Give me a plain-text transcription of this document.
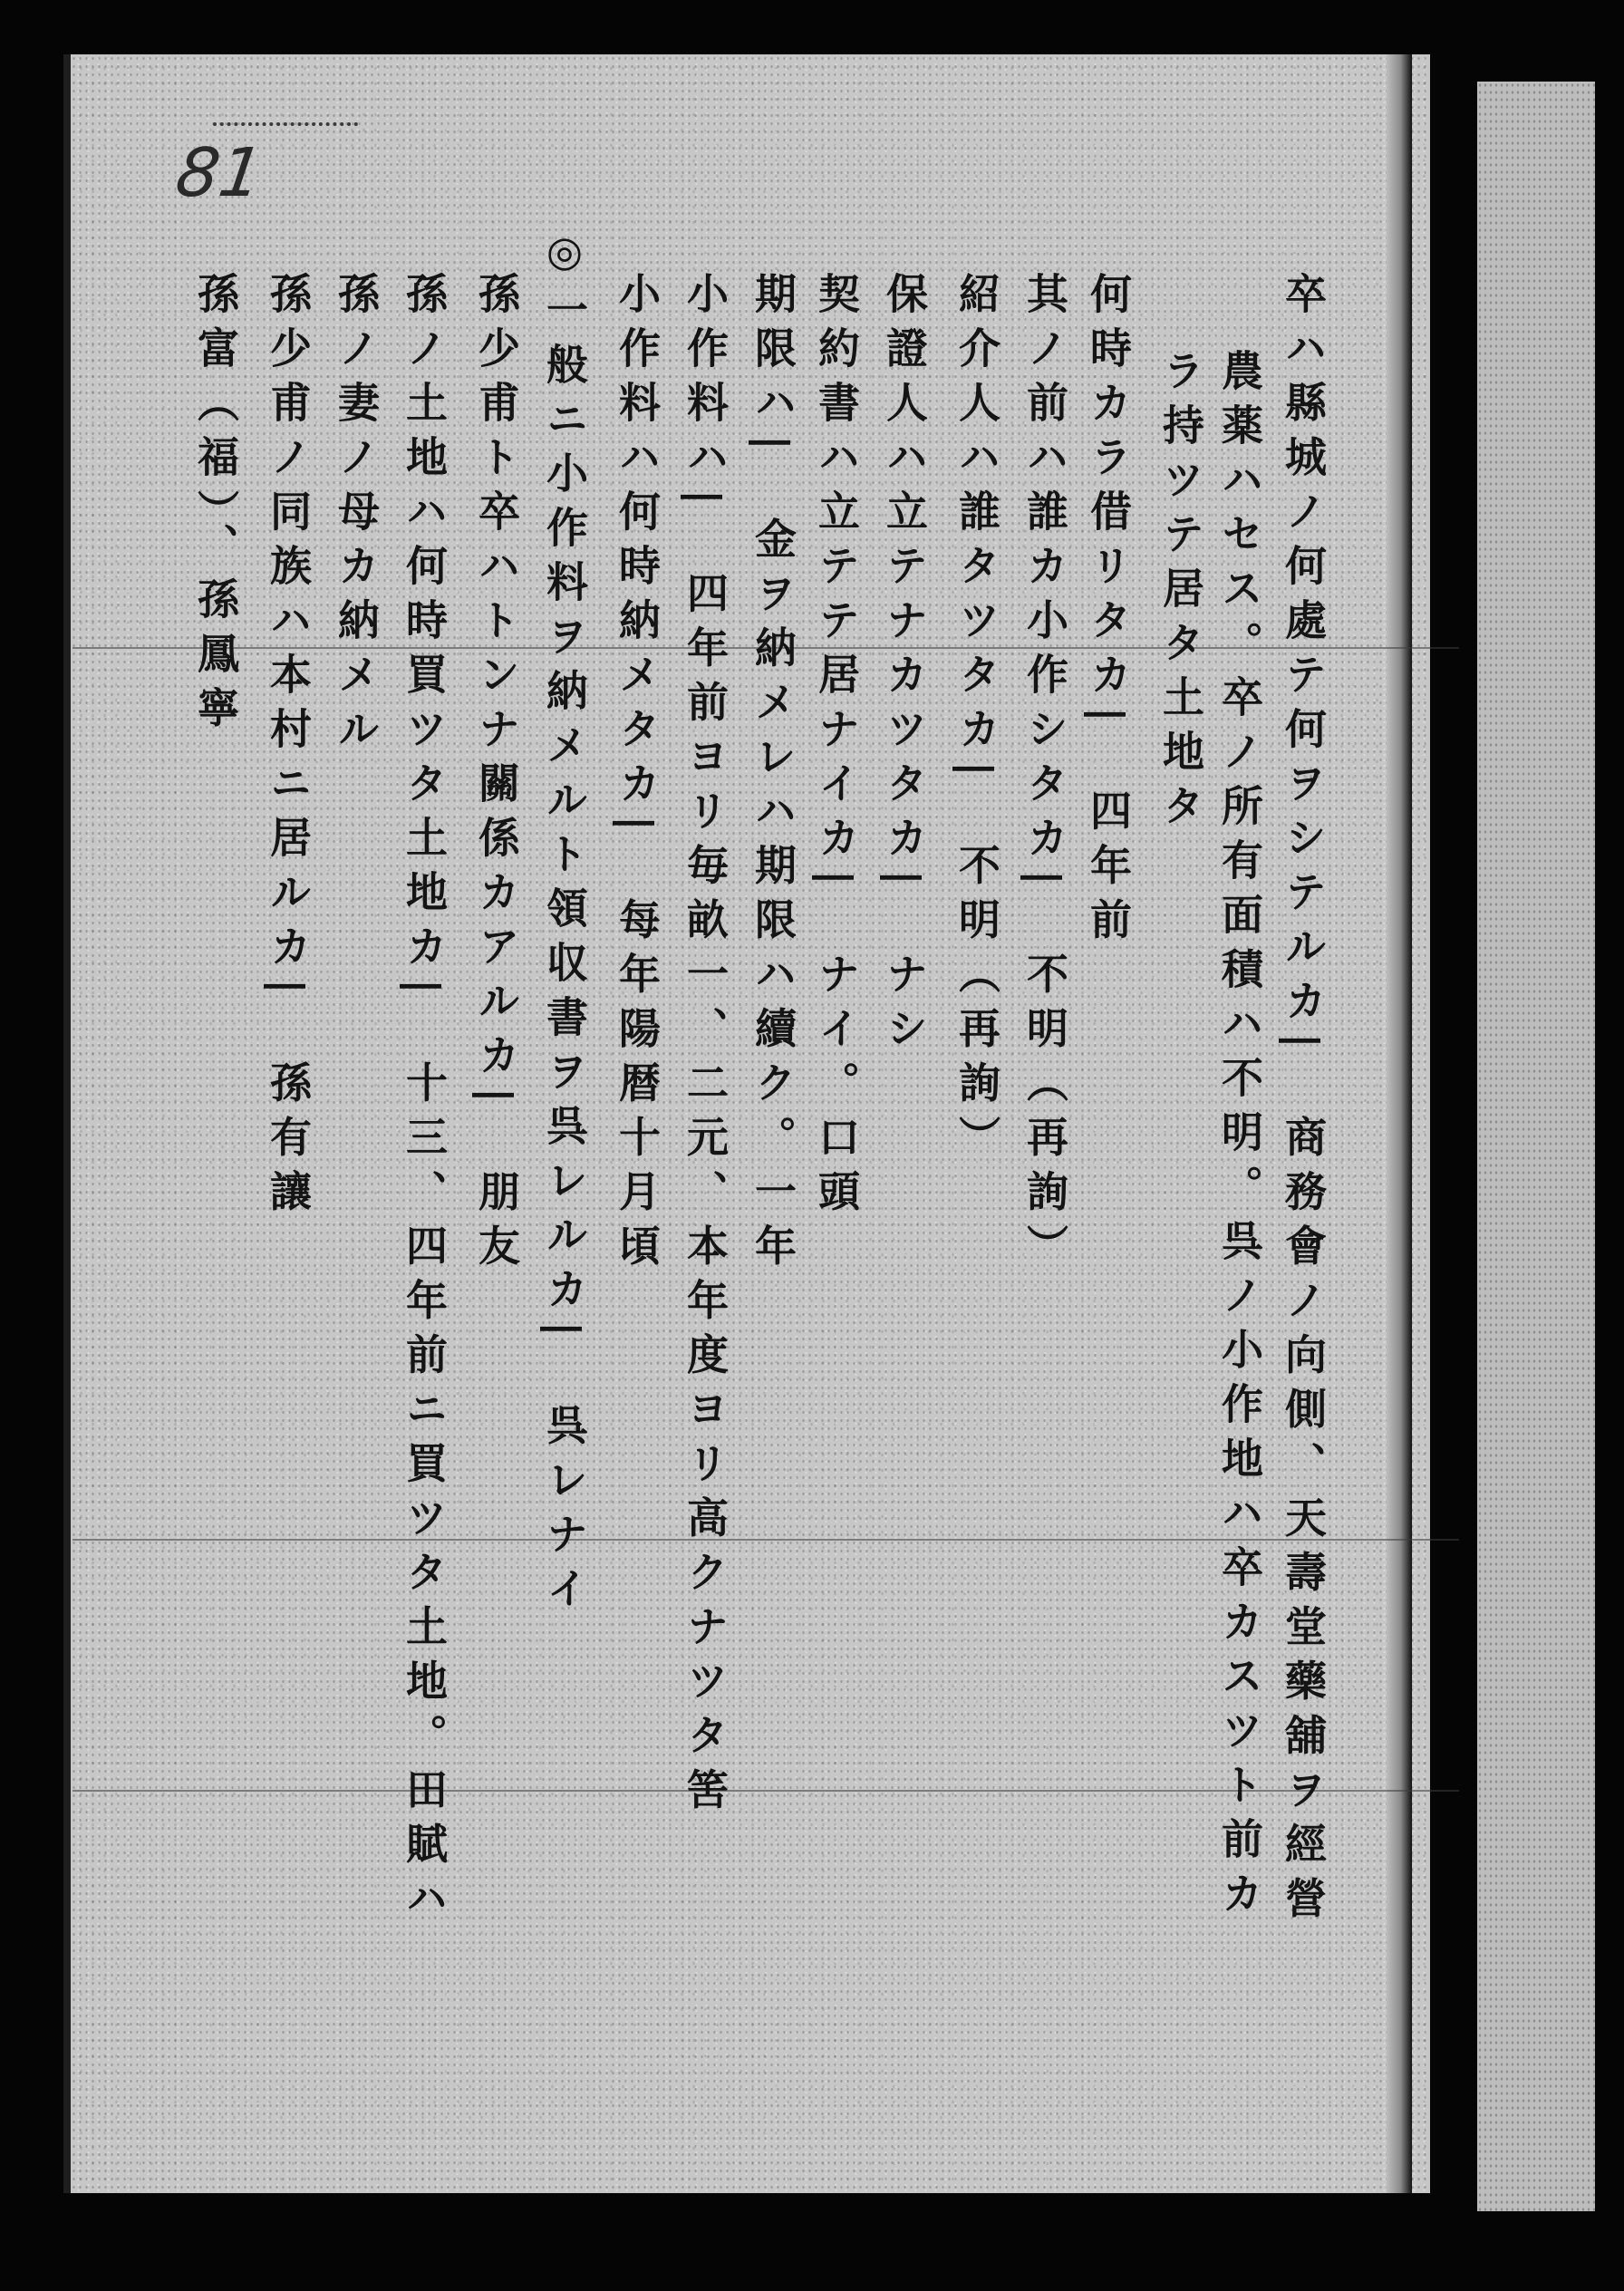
81
卒ハ縣城ノ何處テ何ヲシテルカ|　商務會ノ向側、天壽堂藥舖ヲ經營
農薬ハセス。卒ノ所有面積ハ不明。呉ノ小作地ハ卒カスツト前カ
ラ持ツテ居タ土地タ
何時カラ借リタカ|　四年前
其ノ前ハ誰カ小作シタカ|　不明（再詢）
紹介人ハ誰タツタカ|　不明（再詢）
保證人ハ立テナカツタカ|　ナシ
契約書ハ立テテ居ナイカ|　ナイ。口頭
期限ハ|　金ヲ納メレハ期限ハ續ク。一年
小作料ハ|　四年前ヨリ毎畝一、二元、本年度ヨリ高クナツタ筈
小作料ハ何時納メタカ|　每年陽暦十月頃
◎一般ニ小作料ヲ納メルト領収書ヲ呉レルカ|　呉レナイ
孫少甫ト卒ハトンナ關係カアルカ|　朋友
孫ノ土地ハ何時買ツタ土地カ|　十三、四年前ニ買ツタ土地。田賦ハ
孫ノ妻ノ母カ納メル
孫少甫ノ同族ハ本村ニ居ルカ|　孫有讓
孫富（福）、孫鳳寧
